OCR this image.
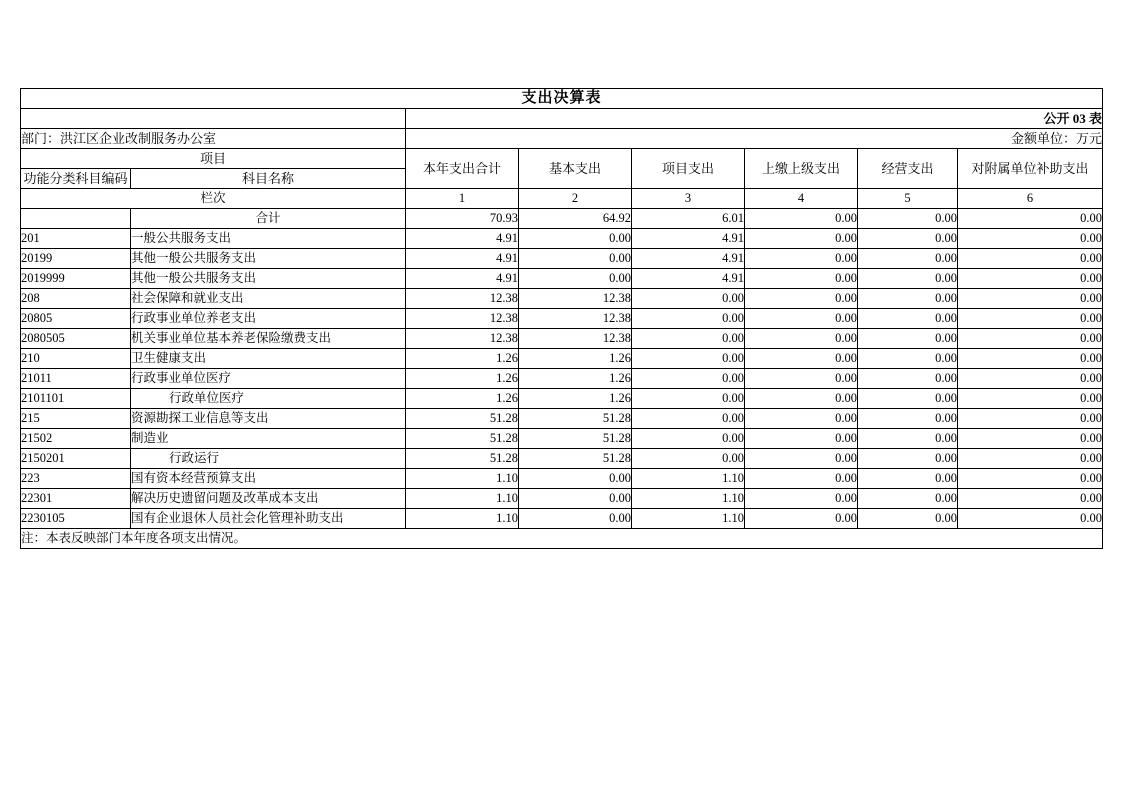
支出决算表							
		公开 03 表					
部门：洪江区企业改制服务办公室		金额单位：万元					
项目		本年支出合计	基本支出	项目支出	上缴上级支出	经营支出	对附属单位补助支出
功能分类科目编码	科目名称						
栏次		1	2	3	4	5	6
	合计	70.93	64.92	6.01	0.00	0.00	0.00
201	一般公共服务支出	4.91	0.00	4.91	0.00	0.00	0.00
20199	其他一般公共服务支出	4.91	0.00	4.91	0.00	0.00	0.00
2019999	其他一般公共服务支出	4.91	0.00	4.91	0.00	0.00	0.00
208	社会保障和就业支出	12.38	12.38	0.00	0.00	0.00	0.00
20805	行政事业单位养老支出	12.38	12.38	0.00	0.00	0.00	0.00
2080505	机关事业单位基本养老保险缴费支出	12.38	12.38	0.00	0.00	0.00	0.00
210	卫生健康支出	1.26	1.26	0.00	0.00	0.00	0.00
21011	行政事业单位医疗	1.26	1.26	0.00	0.00	0.00	0.00
2101101	行政单位医疗	1.26	1.26	0.00	0.00	0.00	0.00
215	资源勘探工业信息等支出	51.28	51.28	0.00	0.00	0.00	0.00
21502	制造业	51.28	51.28	0.00	0.00	0.00	0.00
2150201	行政运行	51.28	51.28	0.00	0.00	0.00	0.00
223	国有资本经营预算支出	1.10	0.00	1.10	0.00	0.00	0.00
22301	解决历史遗留问题及改革成本支出	1.10	0.00	1.10	0.00	0.00	0.00
2230105	国有企业退休人员社会化管理补助支出	1.10	0.00	1.10	0.00	0.00	0.00
注：本表反映部门本年度各项支出情况。							
